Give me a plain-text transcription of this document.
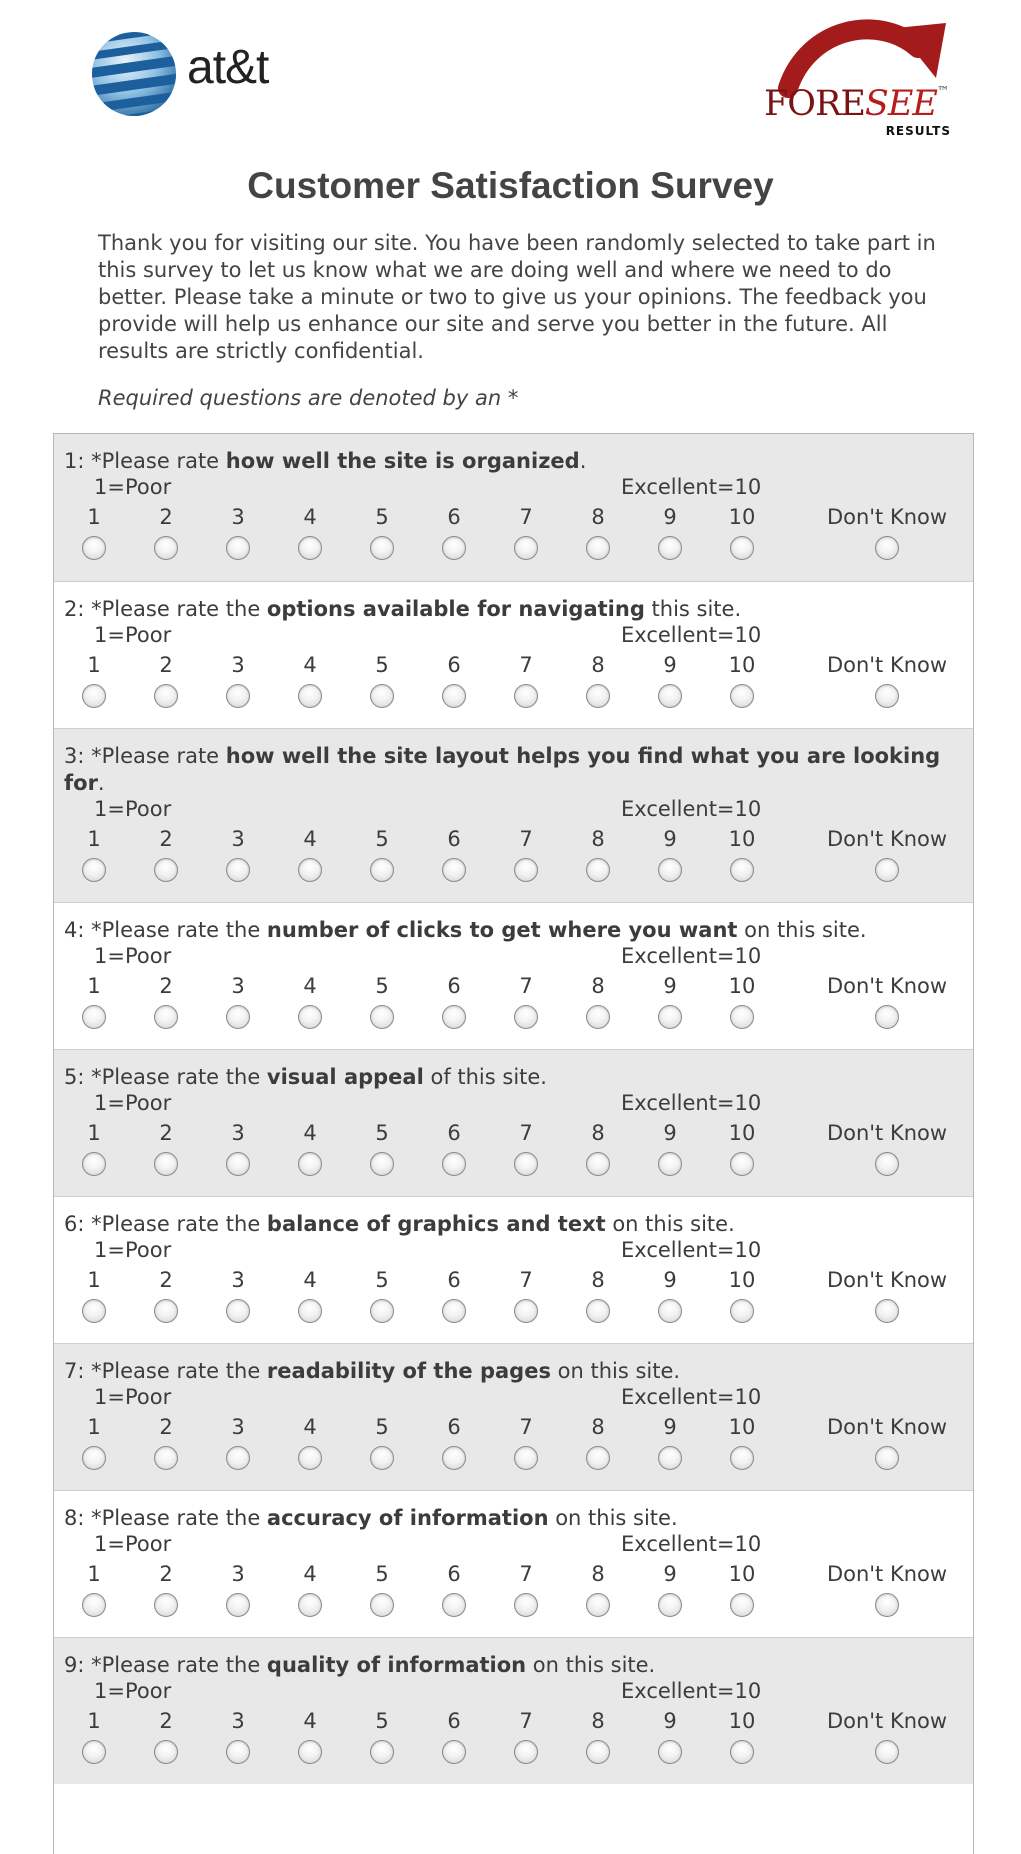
at&t
FORESEE™
RESULTS
Customer Satisfaction Survey
Thank you for visiting our site. You have been randomly selected to take part in this survey to let us know what we are doing well and where we need to do better. Please take a minute or two to give us your opinions. The feedback you provide will help us enhance our site and serve you better in the future. All results are strictly confidential.
Required questions are denoted by an *
1: *Please rate how well the site is organized.
1=Poor	Excellent=10
1	2	3	4	5	6	7	8	9	10	Don't Know
2: *Please rate the options available for navigating this site.
1=Poor	Excellent=10
1	2	3	4	5	6	7	8	9	10	Don't Know
3: *Please rate how well the site layout helps you find what you are looking for.
1=Poor	Excellent=10
1	2	3	4	5	6	7	8	9	10	Don't Know
4: *Please rate the number of clicks to get where you want on this site.
1=Poor	Excellent=10
1	2	3	4	5	6	7	8	9	10	Don't Know
5: *Please rate the visual appeal of this site.
1=Poor	Excellent=10
1	2	3	4	5	6	7	8	9	10	Don't Know
6: *Please rate the balance of graphics and text on this site.
1=Poor	Excellent=10
1	2	3	4	5	6	7	8	9	10	Don't Know
7: *Please rate the readability of the pages on this site.
1=Poor	Excellent=10
1	2	3	4	5	6	7	8	9	10	Don't Know
8: *Please rate the accuracy of information on this site.
1=Poor	Excellent=10
1	2	3	4	5	6	7	8	9	10	Don't Know
9: *Please rate the quality of information on this site.
1=Poor	Excellent=10
1	2	3	4	5	6	7	8	9	10	Don't Know
